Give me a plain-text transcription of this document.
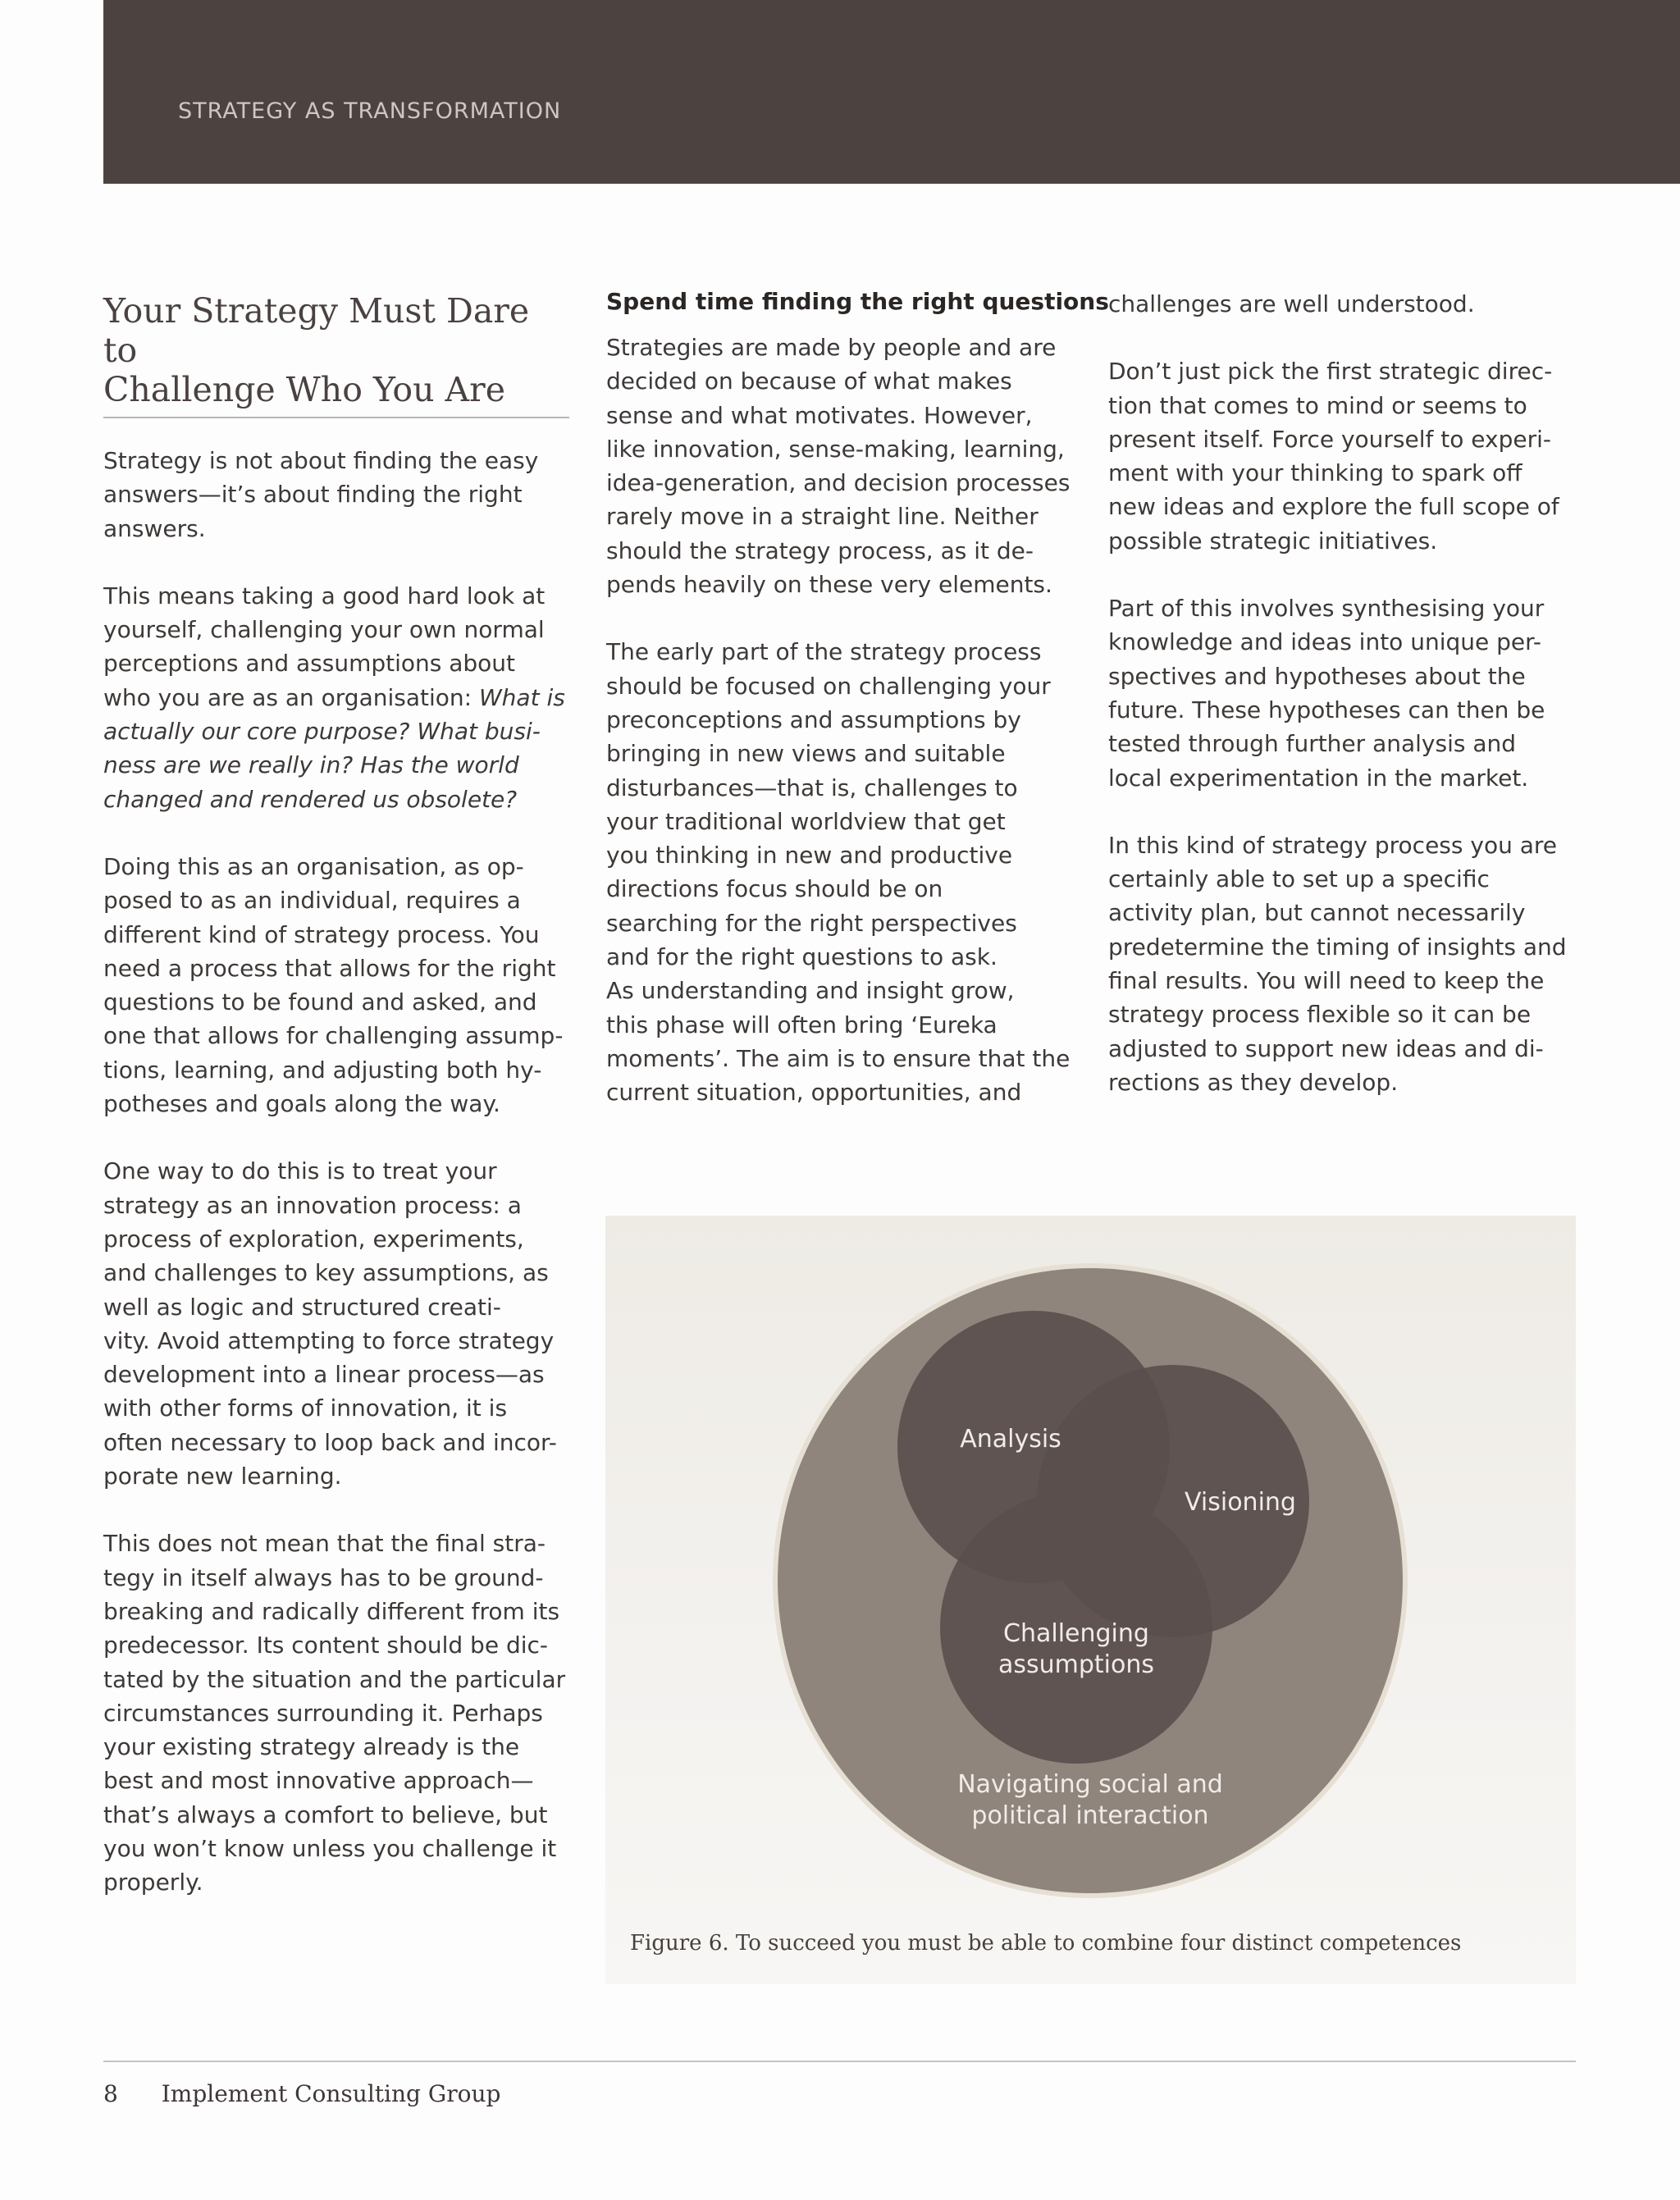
STRATEGY AS TRANSFORMATION
Your Strategy Must Dare to
Challenge Who You Are

Strategy is not about finding the easy
answers—it’s about finding the right
answers.

This means taking a good hard look at
yourself, challenging your own normal
perceptions and assumptions about
who you are as an organisation: What is
actually our core purpose? What busi-
ness are we really in? Has the world
changed and rendered us obsolete?

Doing this as an organisation, as op-
posed to as an individual, requires a
different kind of strategy process. You
need a process that allows for the right
questions to be found and asked, and
one that allows for challenging assump-
tions, learning, and adjusting both hy-
potheses and goals along the way.

One way to do this is to treat your
strategy as an innovation process: a
process of exploration, experiments,
and challenges to key assumptions, as
well as logic and structured creati-
vity. Avoid attempting to force strategy
development into a linear process—as
with other forms of innovation, it is
often necessary to loop back and incor-
porate new learning.

This does not mean that the final stra-
tegy in itself always has to be ground-
breaking and radically different from its
predecessor. Its content should be dic-
tated by the situation and the particular
circumstances surrounding it. Perhaps
your existing strategy already is the
best and most innovative approach—
that’s always a comfort to believe, but
you won’t know unless you challenge it
properly.

Spend time finding the right questions

Strategies are made by people and are
decided on because of what makes
sense and what motivates. However,
like innovation, sense-making, learning,
idea-generation, and decision processes
rarely move in a straight line. Neither
should the strategy process, as it de-
pends heavily on these very elements.

The early part of the strategy process
should be focused on challenging your
preconceptions and assumptions by
bringing in new views and suitable
disturbances—that is, challenges to
your traditional worldview that get
you thinking in new and productive
directions focus should be on
searching for the right perspectives
and for the right questions to ask.
As understanding and insight grow,
this phase will often bring ‘Eureka
moments’. The aim is to ensure that the
current situation, opportunities, and

challenges are well understood.

Don’t just pick the first strategic direc-
tion that comes to mind or seems to
present itself. Force yourself to experi-
ment with your thinking to spark off
new ideas and explore the full scope of
possible strategic initiatives.

Part of this involves synthesising your
knowledge and ideas into unique per-
spectives and hypotheses about the
future. These hypotheses can then be
tested through further analysis and
local experimentation in the market.

In this kind of strategy process you are
certainly able to set up a specific
activity plan, but cannot necessarily
predetermine the timing of insights and
final results. You will need to keep the
strategy process flexible so it can be
adjusted to support new ideas and di-
rections as they develop.

Analysis
Visioning
Challenging
assumptions
Navigating social and
political interaction
Figure 6. To succeed you must be able to combine four distinct competences
8 Implement Consulting Group
